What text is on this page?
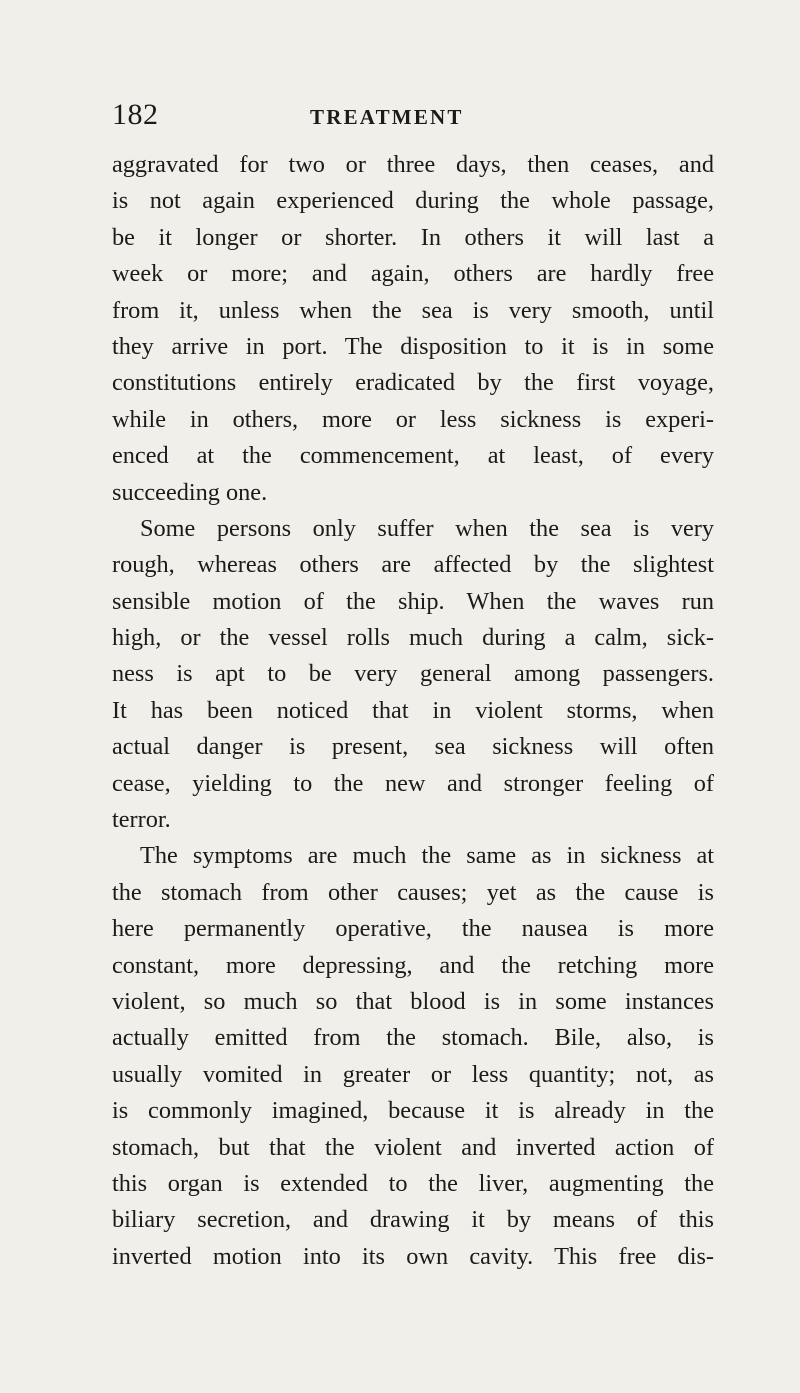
182	TREATMENT
aggravated for two or three days, then ceases, and
is not again experienced during the whole passage,
be it longer or shorter. In others it will last a
week or more; and again, others are hardly free
from it, unless when the sea is very smooth, until
they arrive in port. The disposition to it is in some
constitutions entirely eradicated by the first voyage,
while in others, more or less sickness is experi-
enced at the commencement, at least, of every
succeeding one.
Some persons only suffer when the sea is very
rough, whereas others are affected by the slightest
sensible motion of the ship. When the waves run
high, or the vessel rolls much during a calm, sick-
ness is apt to be very general among passengers.
It has been noticed that in violent storms, when
actual danger is present, sea sickness will often
cease, yielding to the new and stronger feeling of
terror.
The symptoms are much the same as in sickness at
the stomach from other causes; yet as the cause is
here permanently operative, the nausea is more
constant, more depressing, and the retching more
violent, so much so that blood is in some instances
actually emitted from the stomach. Bile, also, is
usually vomited in greater or less quantity; not, as
is commonly imagined, because it is already in the
stomach, but that the violent and inverted action of
this organ is extended to the liver, augmenting the
biliary secretion, and drawing it by means of this
inverted motion into its own cavity. This free dis-
